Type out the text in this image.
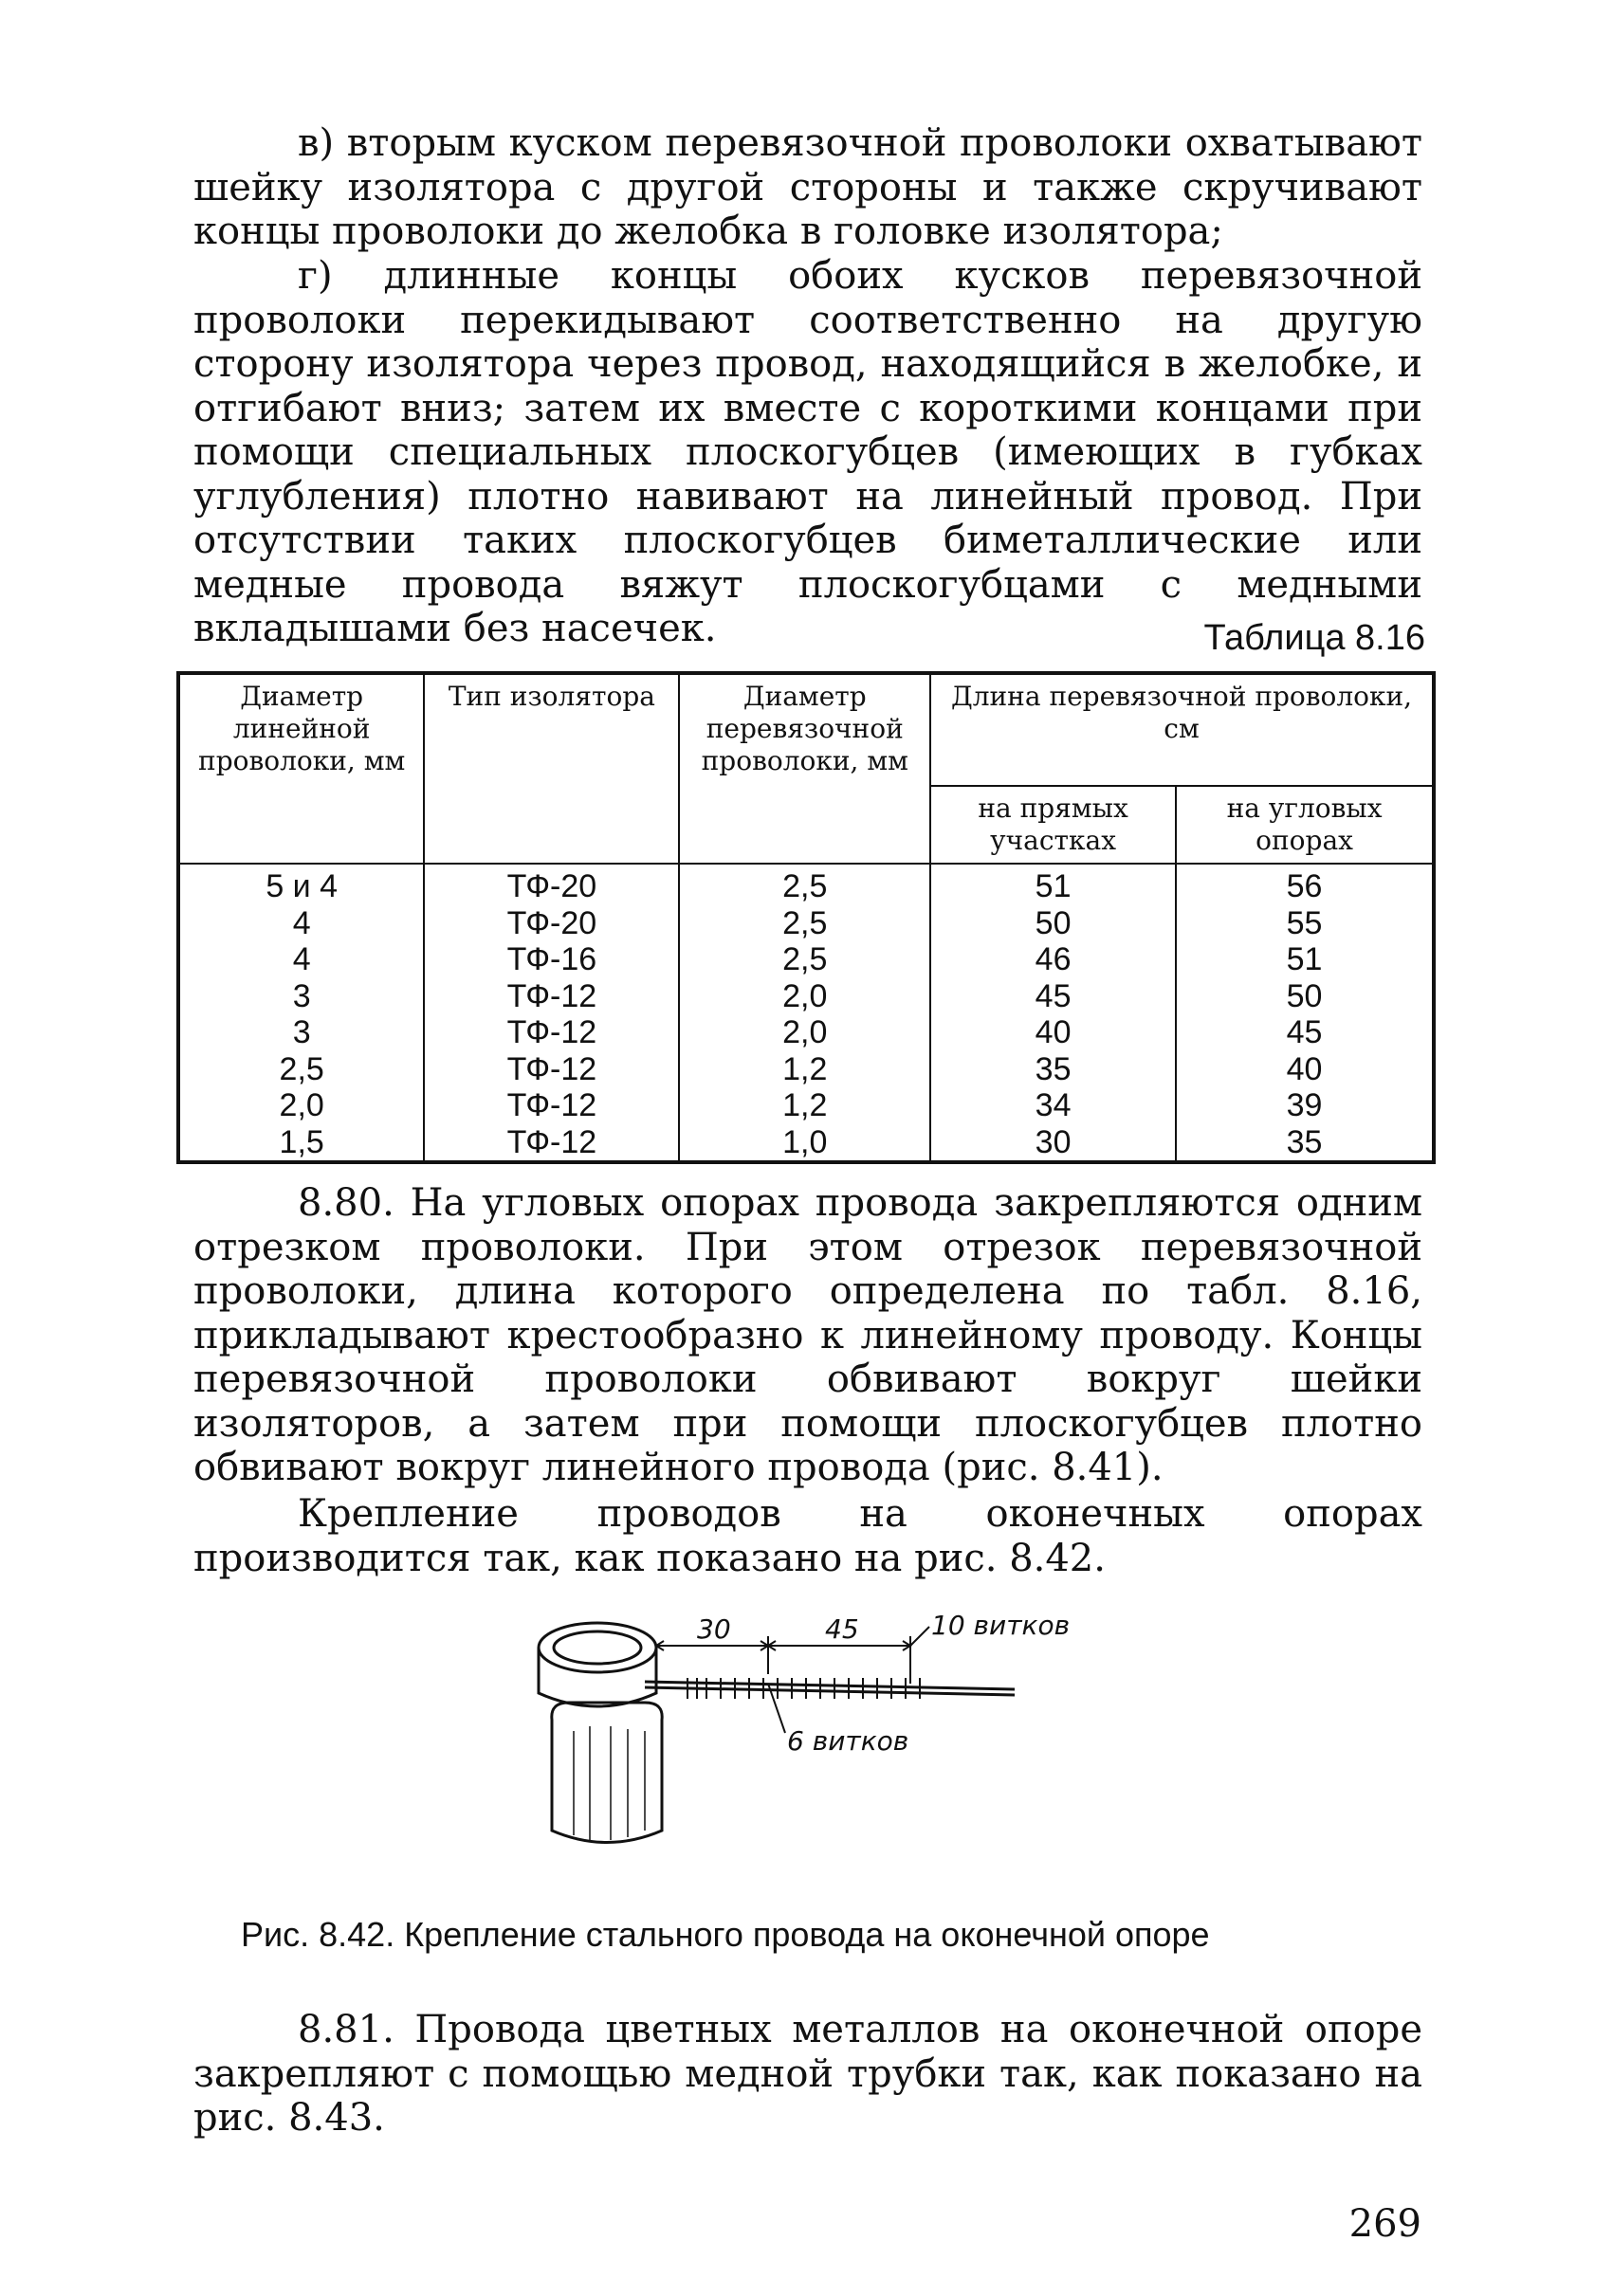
в) вторым куском перевязочной проволоки охватывают шейку изолятора с другой стороны и также скручивают концы проволоки до желобка в головке изолятора;

г) длинные концы обоих кусков перевязочной проволоки перекидывают соответственно на другую сторону изолятора через провод, находящийся в желобке, и отгибают вниз; затем их вместе с короткими концами при помощи специальных плоскогубцев (имеющих в губках углубления) плотно навивают на линейный провод. При отсутствии таких плоскогубцев биметаллические или медные провода вяжут плоскогубцами с медными вкладышами без насечек.	Таблица 8.16
Диаметр линейной проволоки, мм	Тип изолятора	Диаметр перевязочной проволоки, мм	Длина перевязочной проволоки, см	
			на прямых участках	на угловых опорах
5 и 4	ТФ-20	2,5	51	56
4	ТФ-20	2,5	50	55
4	ТФ-16	2,5	46	51
3	ТФ-12	2,0	45	50
3	ТФ-12	2,0	40	45
2,5	ТФ-12	1,2	35	40
2,0	ТФ-12	1,2	34	39
1,5	ТФ-12	1,0	30	35

8.80. На угловых опорах провода закрепляются одним отрезком проволоки. При этом отрезок перевязочной проволоки, длина которого определена по табл. 8.16, прикладывают крестообразно к линейному проводу. Концы перевязочной проволоки обвивают вокруг шейки изоляторов, а затем при помощи плоскогубцев плотно обвивают вокруг линейного провода (рис. 8.41).

Крепление проводов на оконечных опорах производится так, как показано на рис. 8.42.

30	45	10 витков
6 витков
Рис. 8.42. Крепление стального провода на оконечной опоре

8.81. Провода цветных металлов на оконечной опоре закрепляют с помощью медной трубки так, как показано на рис. 8.43.

269
